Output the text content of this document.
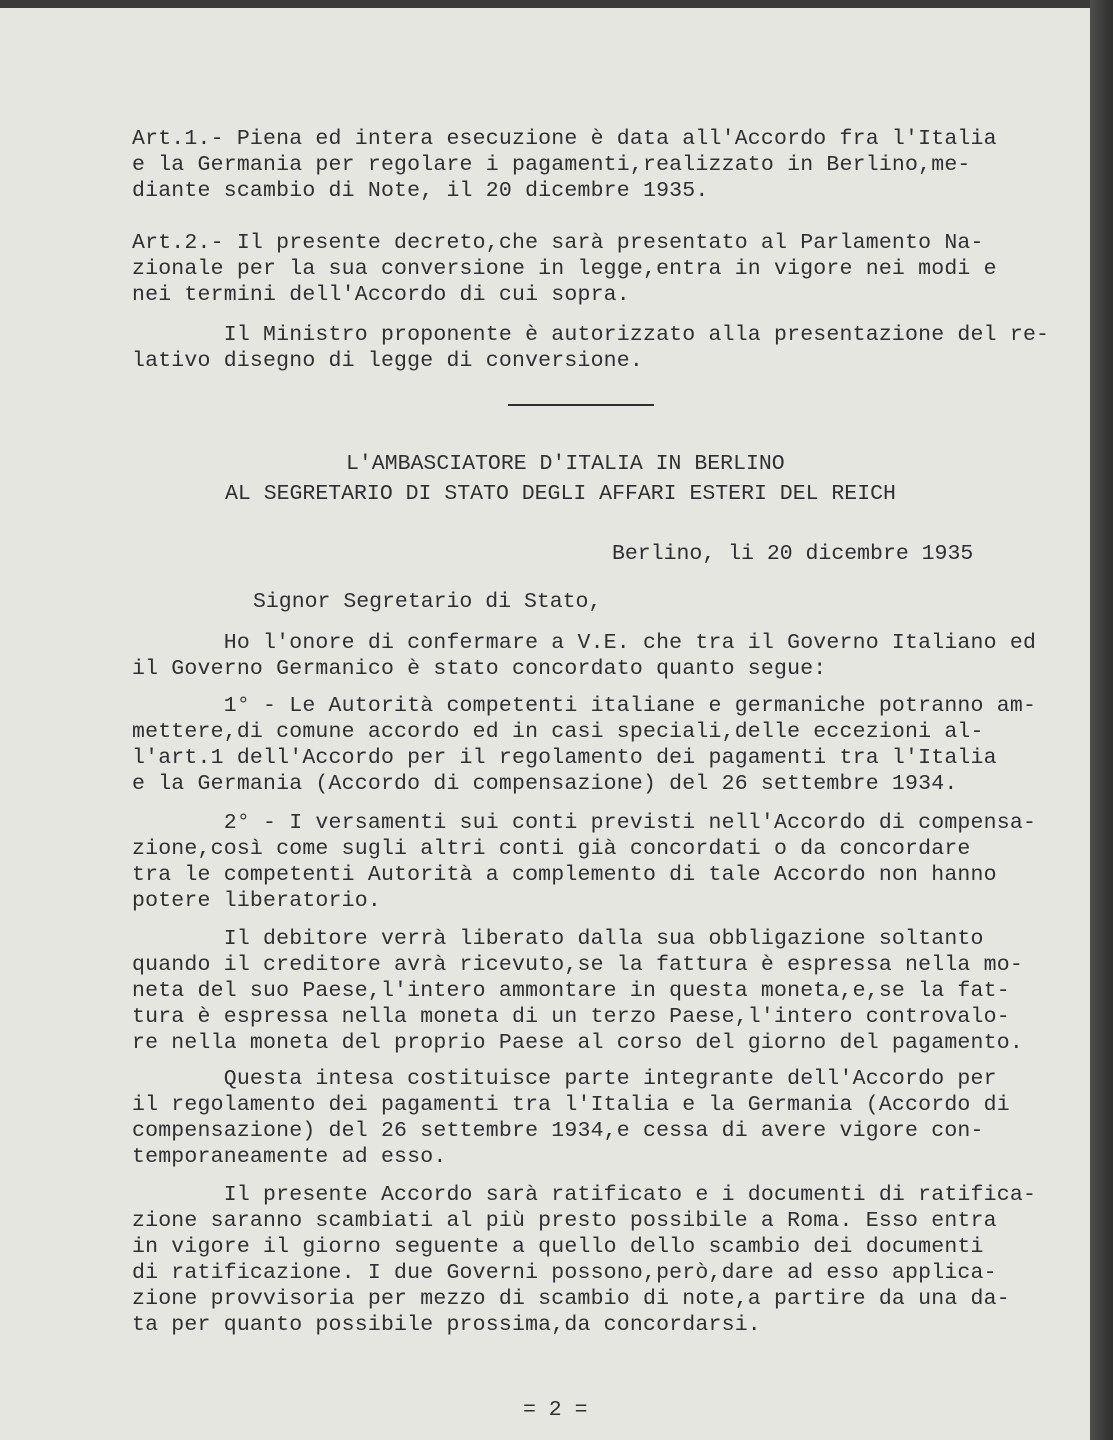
Art.1.- Piena ed intera esecuzione è data all'Accordo fra l'Italia
e la Germania per regolare i pagamenti,realizzato in Berlino,me-
diante scambio di Note, il 20 dicembre 1935.
Art.2.- Il presente decreto,che sarà presentato al Parlamento Na-
zionale per la sua conversione in legge,entra in vigore nei modi e
nei termini dell'Accordo di cui sopra.
Il Ministro proponente è autorizzato alla presentazione del re-
lativo disegno di legge di conversione.
L'AMBASCIATORE D'ITALIA IN BERLINO
AL SEGRETARIO DI STATO DEGLI AFFARI ESTERI DEL REICH
Berlino, li 20 dicembre 1935
Signor Segretario di Stato,
Ho l'onore di confermare a V.E. che tra il Governo Italiano ed
il Governo Germanico è stato concordato quanto segue:
1° - Le Autorità competenti italiane e germaniche potranno am-
mettere,di comune accordo ed in casi speciali,delle eccezioni al-
l'art.1 dell'Accordo per il regolamento dei pagamenti tra l'Italia
e la Germania (Accordo di compensazione) del 26 settembre 1934.
2° - I versamenti sui conti previsti nell'Accordo di compensa-
zione,così come sugli altri conti già concordati o da concordare
tra le competenti Autorità a complemento di tale Accordo non hanno
potere liberatorio.
Il debitore verrà liberato dalla sua obbligazione soltanto
quando il creditore avrà ricevuto,se la fattura è espressa nella mo-
neta del suo Paese,l'intero ammontare in questa moneta,e,se la fat-
tura è espressa nella moneta di un terzo Paese,l'intero controvalo-
re nella moneta del proprio Paese al corso del giorno del pagamento.
Questa intesa costituisce parte integrante dell'Accordo per
il regolamento dei pagamenti tra l'Italia e la Germania (Accordo di
compensazione) del 26 settembre 1934,e cessa di avere vigore con-
temporaneamente ad esso.
Il presente Accordo sarà ratificato e i documenti di ratifica-
zione saranno scambiati al più presto possibile a Roma. Esso entra
in vigore il giorno seguente a quello dello scambio dei documenti
di ratificazione. I due Governi possono,però,dare ad esso applica-
zione provvisoria per mezzo di scambio di note,a partire da una da-
ta per quanto possibile prossima,da concordarsi.
= 2 =
